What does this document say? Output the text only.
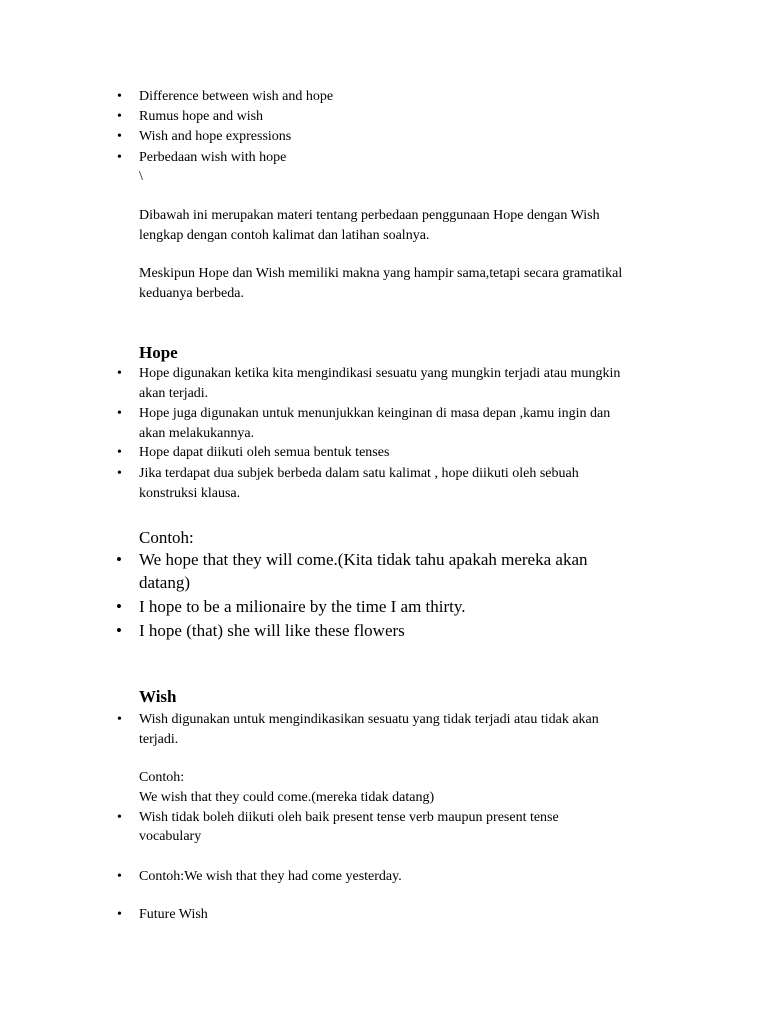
• Difference between wish and hope
• Rumus hope and wish
• Wish and hope expressions
• Perbedaan wish with hope
\
Dibawah ini merupakan materi tentang perbedaan penggunaan Hope dengan Wish
lengkap dengan contoh kalimat dan latihan soalnya.
Meskipun Hope dan Wish memiliki makna yang hampir sama,tetapi secara gramatikal
keduanya berbeda.
Hope
• Hope digunakan ketika kita mengindikasi sesuatu yang mungkin terjadi atau mungkin
akan terjadi.
• Hope juga digunakan untuk menunjukkan keinginan di masa depan ,kamu ingin dan
akan melakukannya.
• Hope dapat diikuti oleh semua bentuk tenses
• Jika terdapat dua subjek berbeda dalam satu kalimat , hope diikuti oleh sebuah
konstruksi klausa.
Contoh:
• We hope that they will come.(Kita tidak tahu apakah mereka akan
datang)
• I hope to be a milionaire by the time I am thirty.
• I hope (that) she will like these flowers
Wish
• Wish digunakan untuk mengindikasikan sesuatu yang tidak terjadi atau tidak akan
terjadi.
Contoh:
We wish that they could come.(mereka tidak datang)
• Wish tidak boleh diikuti oleh baik present tense verb maupun present tense
vocabulary
• Contoh:We wish that they had come yesterday.
• Future Wish
